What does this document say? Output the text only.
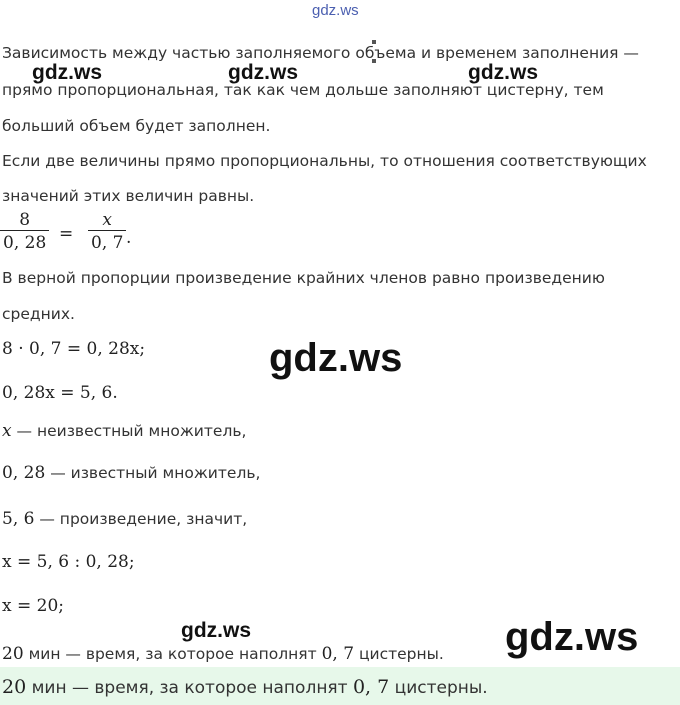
gdz.ws
Зависимость между частью заполняемого объема и временем заполнения —
gdz.ws	gdz.ws	gdz.ws
прямо пропорциональная, так как чем дольше заполняют цистерну, тем
больший объем будет заполнен.
Если две величины прямо пропорциональны, то отношения соответствующих
значений этих величин равны.
$\frac{8}{0, 28} = \frac{x}{0, 7}$ .
В верной пропорции произведение крайних членов равно произведению
средних.
8 · 0, 7 = 0, 28x;	gdz.ws
0, 28x = 5, 6.
x — неизвестный множитель,
0, 28 — известный множитель,
5, 6 — произведение, значит,
x = 5, 6 : 0, 28;
x = 20;
gdz.ws	gdz.ws
20 мин — время, за которое наполнят 0, 7 цистерны.
20 мин — время, за которое наполнят 0, 7 цистерны.
